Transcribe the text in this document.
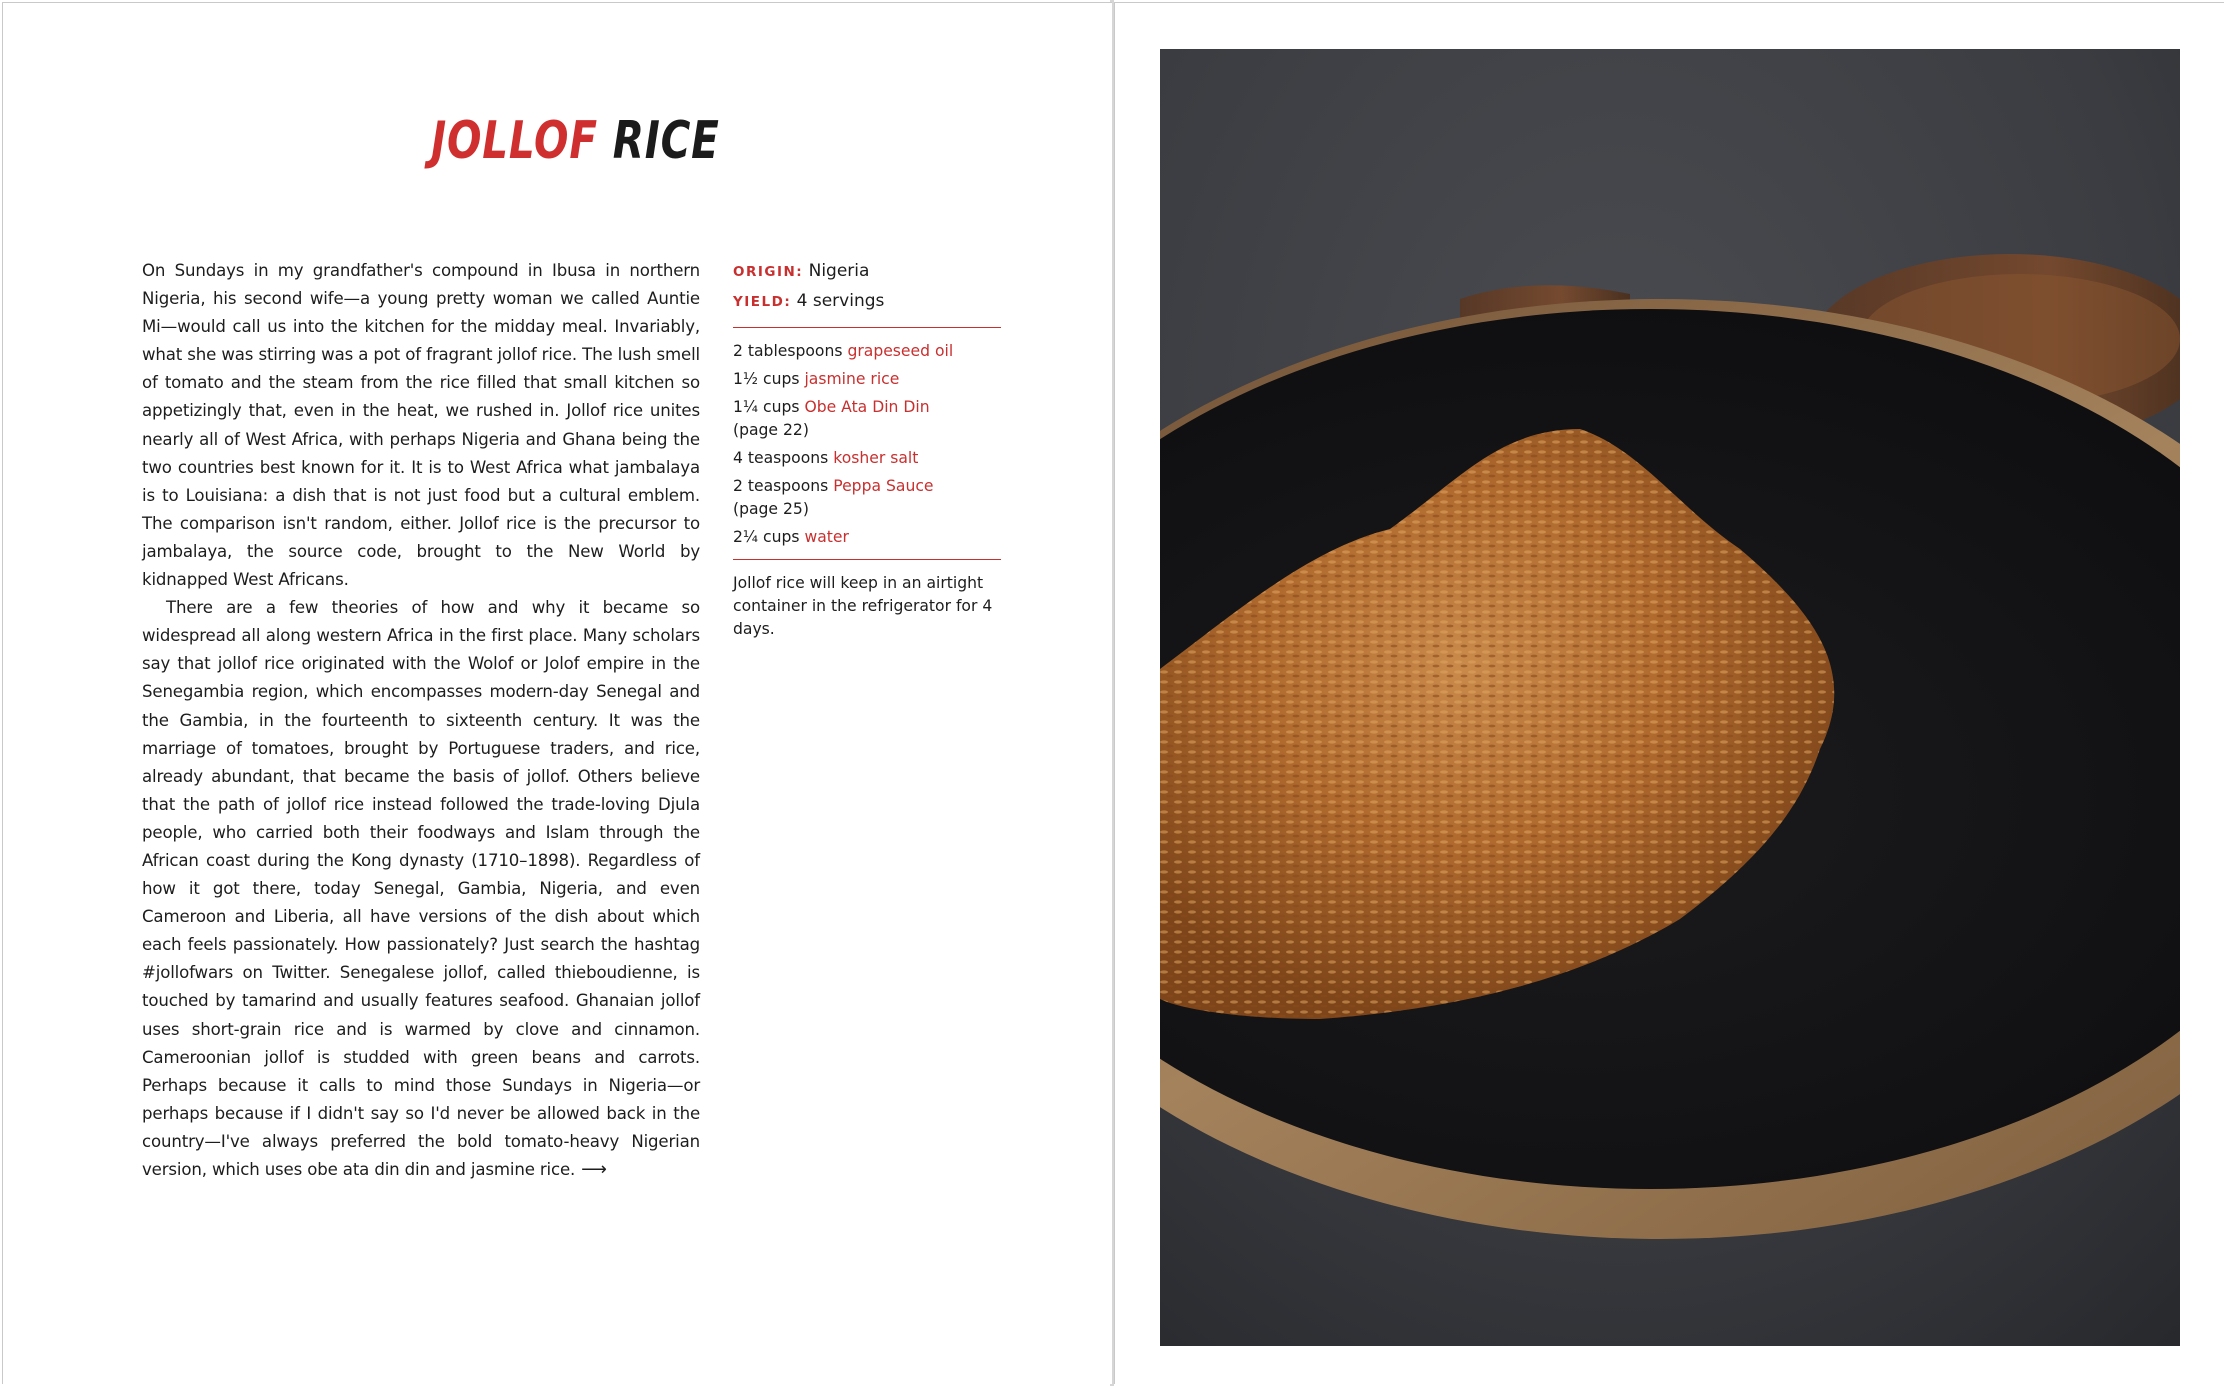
JOLLOF RICE

On Sundays in my grandfather's compound in Ibusa in northern Nigeria, his second wife—a young pretty woman we called Auntie Mi—would call us into the kitchen for the midday meal. Invariably, what she was stirring was a pot of fragrant jollof rice. The lush smell of tomato and the steam from the rice filled that small kitchen so appetizingly that, even in the heat, we rushed in. Jollof rice unites nearly all of West Africa, with perhaps Nigeria and Ghana being the two countries best known for it. It is to West Africa what jambalaya is to Louisiana: a dish that is not just food but a cultural emblem. The comparison isn't random, either. Jollof rice is the precursor to jambalaya, the source code, brought to the New World by kidnapped West Africans.

There are a few theories of how and why it became so widespread all along western Africa in the first place. Many scholars say that jollof rice originated with the Wolof or Jolof empire in the Senegambia region, which encompasses modern-day Senegal and the Gambia, in the fourteenth to sixteenth century. It was the marriage of tomatoes, brought by Portuguese traders, and rice, already abundant, that became the basis of jollof. Others believe that the path of jollof rice instead followed the trade-loving Djula people, who carried both their foodways and Islam through the African coast during the Kong dynasty (1710–1898). Regardless of how it got there, today Senegal, Gambia, Nigeria, and even Cameroon and Liberia, all have versions of the dish about which each feels passionately. How passionately? Just search the hashtag #jollofwars on Twitter. Senegalese jollof, called thieboudienne, is touched by tamarind and usually features seafood. Ghanaian jollof uses short-grain rice and is warmed by clove and cinnamon. Cameroonian jollof is studded with green beans and carrots. Perhaps because it calls to mind those Sundays in Nigeria—or perhaps because if I didn't say so I'd never be allowed back in the country—I've always preferred the bold tomato-heavy Nigerian version, which uses obe ata din din and jasmine rice. ⟶

ORIGIN: Nigeria
YIELD: 4 servings
2 tablespoons grapeseed oil
1½ cups jasmine rice
1¼ cups Obe Ata Din Din
(page 22)
4 teaspoons kosher salt
2 teaspoons Peppa Sauce
(page 25)
2¼ cups water
Jollof rice will keep in an airtight container in the refrigerator for 4 days.
